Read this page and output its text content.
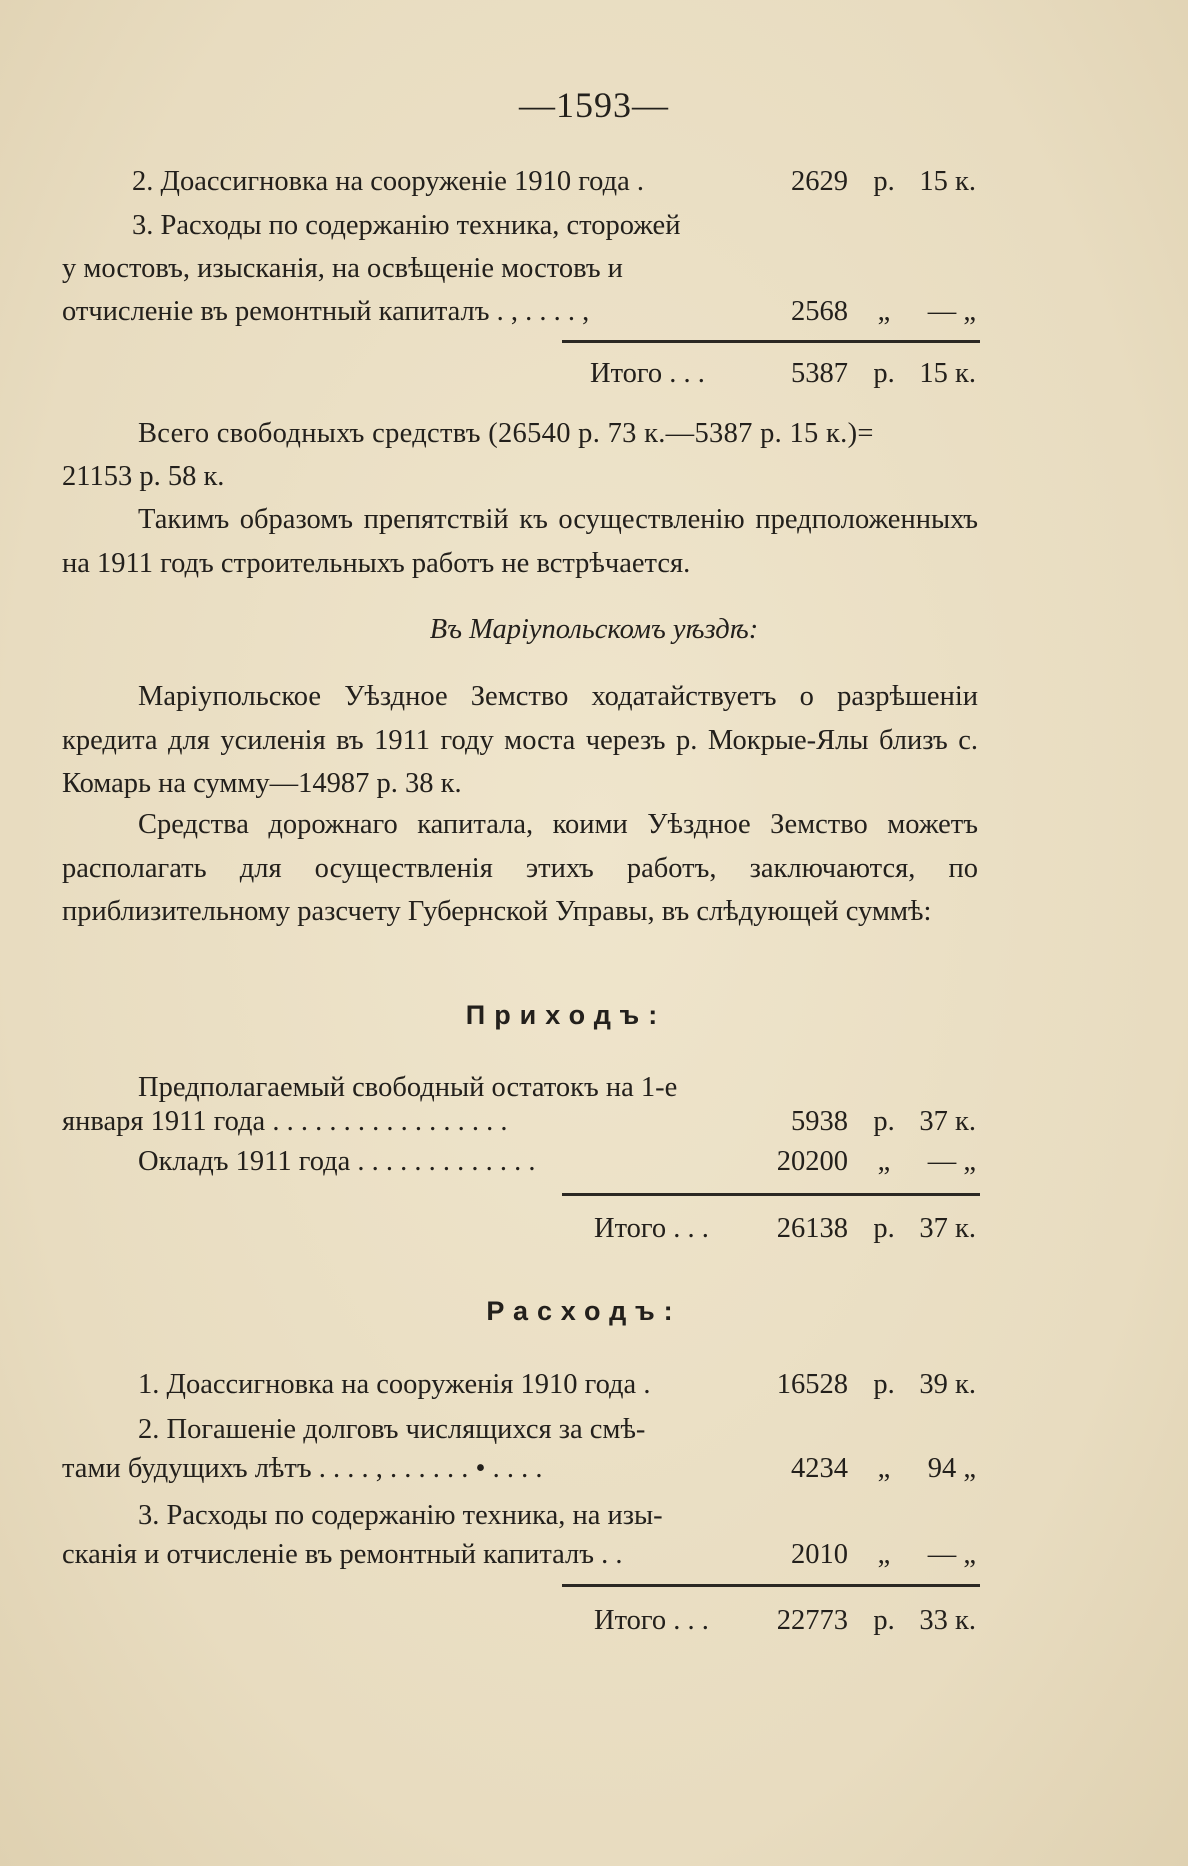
—1593—
2. Доассигновка на сооруженіе 1910 года .	2629 р. 15 к.
3. Расходы по содержанію техника, сторожей
у мостовъ, изысканія, на освѣщеніе мостовъ и
отчисленіе въ ремонтный капиталъ . , . . . . ,	2568 „ — „
Итого . . .	5387 р. 15 к.
Всего свободныхъ средствъ (26540 р. 73 к.—5387 р. 15 к.)=
21153 р. 58 к.

Такимъ образомъ препятствій къ осуществленію предположенныхъ на 1911 годъ строительныхъ работъ не встрѣчается.

Въ Маріупольскомъ уѣздѣ:

Маріупольское Уѣздное Земство ходатайствуетъ о разрѣшеніи кредита для усиленія въ 1911 году моста черезъ р. Мокрые-Ялы близъ с. Комарь на сумму—14987 р. 38 к.

Средства дорожнаго капитала, коими Уѣздное Земство можетъ располагать для осуществленія этихъ работъ, заключаются, по приблизительному разсчету Губернской Управы, въ слѣдующей суммѣ:

Приходъ:
Предполагаемый свободный остатокъ на 1-е
января 1911 года . . . . . . . . . . . . . . . . .	5938 р. 37 к.
Окладъ 1911 года . . . . . . . . . . . . .	20200 „ — „
Итого . . .	26138 р. 37 к.
Расходъ:
1. Доассигновка на сооруженія 1910 года .	16528 р. 39 к.
2. Погашеніе долговъ числящихся за смѣ-
тами будущихъ лѣтъ . . . . , . . . . . . • . . . .	4234 „ 94 „
3. Расходы по содержанію техника, на изы-
сканія и отчисленіе въ ремонтный капиталъ . .	2010 „ — „
Итого . . .	22773 р. 33 к.
